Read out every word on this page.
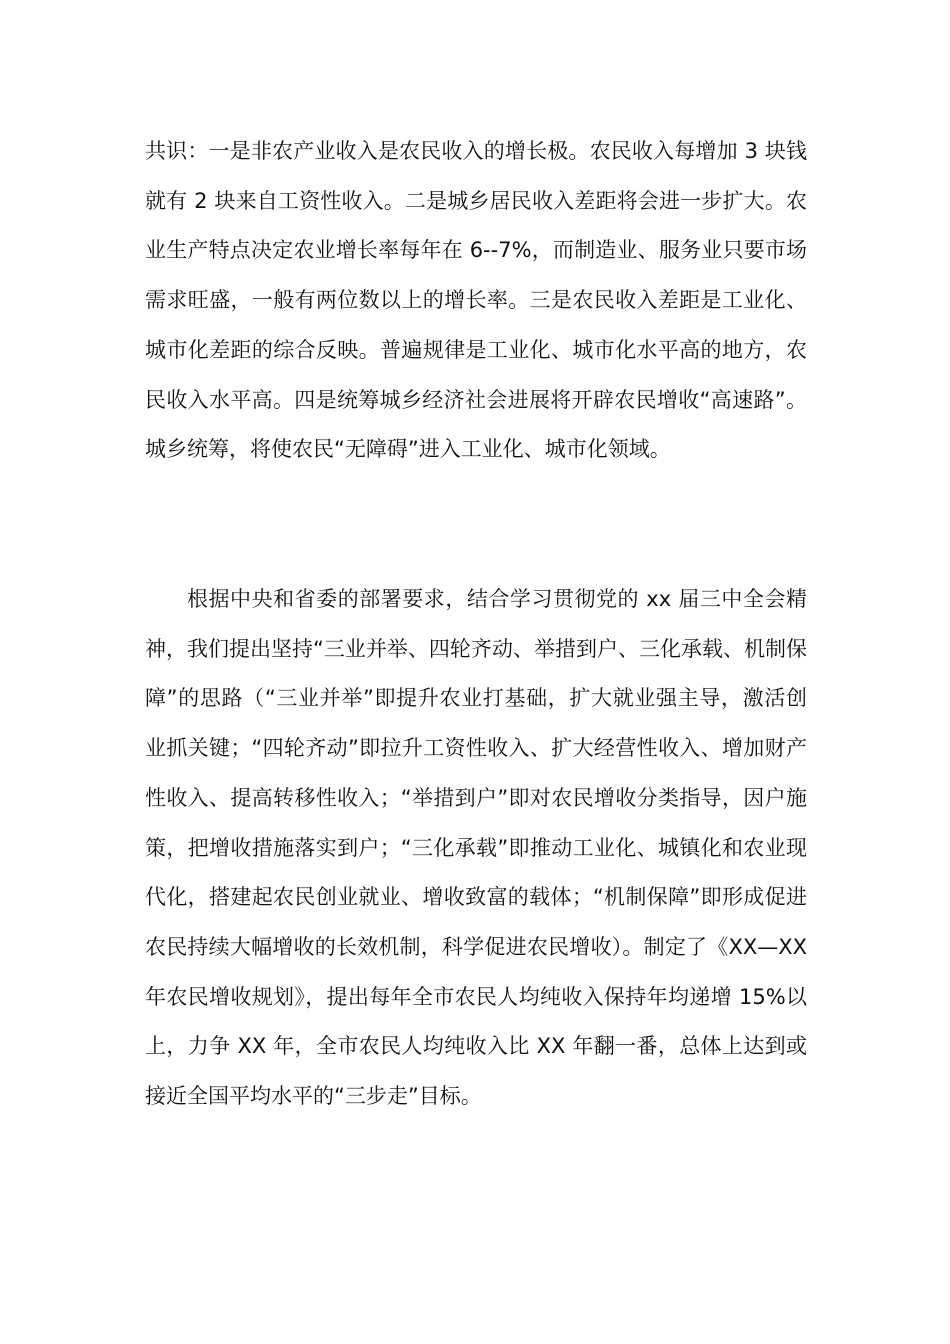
共识：一是非农产业收入是农民收入的增长极。农民收入每增加 3 块钱就有 2 块来自工资性收入。二是城乡居民收入差距将会进一步扩大。农业生产特点决定农业增长率每年在 6--7%，而制造业、服务业只要市场需求旺盛，一般有两位数以上的增长率。三是农民收入差距是工业化、城市化差距的综合反映。普遍规律是工业化、城市化水平高的地方，农民收入水平高。四是统筹城乡经济社会进展将开辟农民增收“高速路”。城乡统筹，将使农民“无障碍”进入工业化、城市化领域。

根据中央和省委的部署要求，结合学习贯彻党的 xx 届三中全会精神，我们提出坚持“三业并举、四轮齐动、举措到户、三化承载、机制保障”的思路（“三业并举”即提升农业打基础，扩大就业强主导，激活创业抓关键；“四轮齐动”即拉升工资性收入、扩大经营性收入、增加财产性收入、提高转移性收入；“举措到户”即对农民增收分类指导，因户施策，把增收措施落实到户；“三化承载”即推动工业化、城镇化和农业现代化，搭建起农民创业就业、增收致富的载体；“机制保障”即形成促进农民持续大幅增收的长效机制，科学促进农民增收）。制定了《XX—XX 年农民增收规划》，提出每年全市农民人均纯收入保持年均递增 15%以上，力争 XX 年，全市农民人均纯收入比 XX 年翻一番，总体上达到或接近全国平均水平的“三步走”目标。
